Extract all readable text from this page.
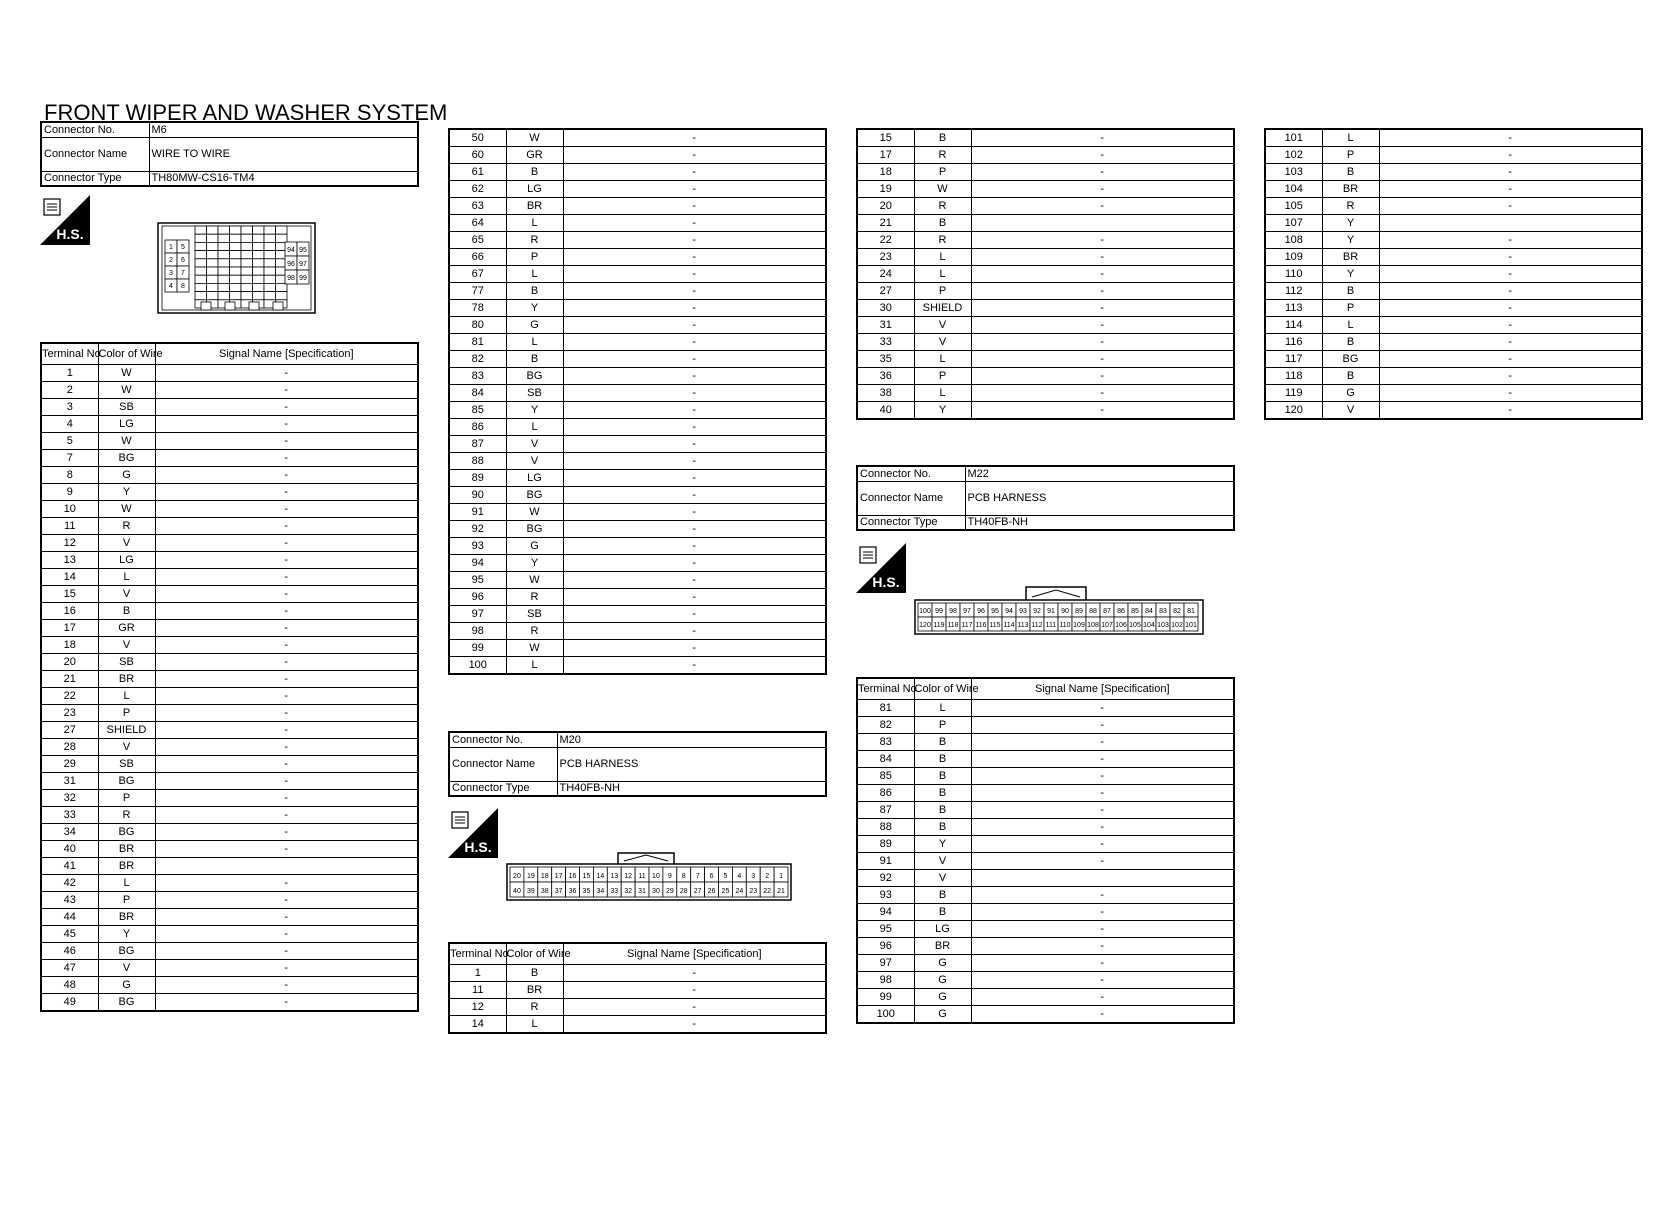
FRONT WIPER AND WASHER SYSTEM
Connector No.	M6
Connector Name	WIRE TO WIRE
Connector Type	TH80MW-CS16-TM4
H.S.
1 5
2 6
3 7
4 8
94 95
96 97
98 99
Terminal No.	Color of Wire	Signal Name [Specification]
1	W	-
2	W	-
3	SB	-
4	LG	-
5	W	-
7	BG	-
8	G	-
9	Y	-
10	W	-
11	R	-
12	V	-
13	LG	-
14	L	-
15	V	-
16	B	-
17	GR	-
18	V	-
20	SB	-
21	BR	-
22	L	-
23	P	-
27	SHIELD	-
28	V	-
29	SB	-
31	BG	-
32	P	-
33	R	-
34	BG	-
40	BR	-
41	BR	
42	L	-
43	P	-
44	BR	-
45	Y	-
46	BG	-
47	V	-
48	G	-
49	BG	-
50	W	-
60	GR	-
61	B	-
62	LG	-
63	BR	-
64	L	-
65	R	-
66	P	-
67	L	-
77	B	-
78	Y	-
80	G	-
81	L	-
82	B	-
83	BG	-
84	SB	-
85	Y	-
86	L	-
87	V	-
88	V	-
89	LG	-
90	BG	-
91	W	-
92	BG	-
93	G	-
94	Y	-
95	W	-
96	R	-
97	SB	-
98	R	-
99	W	-
100	L	-
Connector No.	M20
Connector Name	PCB HARNESS
Connector Type	TH40FB-NH
H.S.
20
40
19
39
18
38
17
37
16
36
15
35
14
34
13
33
12
32
11
31
10
30
9
29
8
28
7
27
6
26
5
25
4
24
3
23
2
22
1
21
Terminal No.	Color of Wire	Signal Name [Specification]
1	B	-
11	BR	-
12	R	-
14	L	-
15	B	-
17	R	-
18	P	-
19	W	-
20	R	-
21	B	
22	R	-
23	L	-
24	L	-
27	P	-
30	SHIELD	-
31	V	-
33	V	-
35	L	-
36	P	-
38	L	-
40	Y	-
Connector No.	M22
Connector Name	PCB HARNESS
Connector Type	TH40FB-NH
H.S.
100
120
99
119
98
118
97
117
96
116
95
115
94
114
93
113
92
112
91
111
90
110
89
109
88
108
87
107
86
106
85
105
84
104
83
103
82
102
81
101
Terminal No.	Color of Wire	Signal Name [Specification]
81	L	-
82	P	-
83	B	-
84	B	-
85	B	-
86	B	-
87	B	-
88	B	-
89	Y	-
91	V	-
92	V	
93	B	-
94	B	-
95	LG	-
96	BR	-
97	G	-
98	G	-
99	G	-
100	G	-
101	L	-
102	P	-
103	B	-
104	BR	-
105	R	-
107	Y	
108	Y	-
109	BR	-
110	Y	-
112	B	-
113	P	-
114	L	-
116	B	-
117	BG	-
118	B	-
119	G	-
120	V	-
